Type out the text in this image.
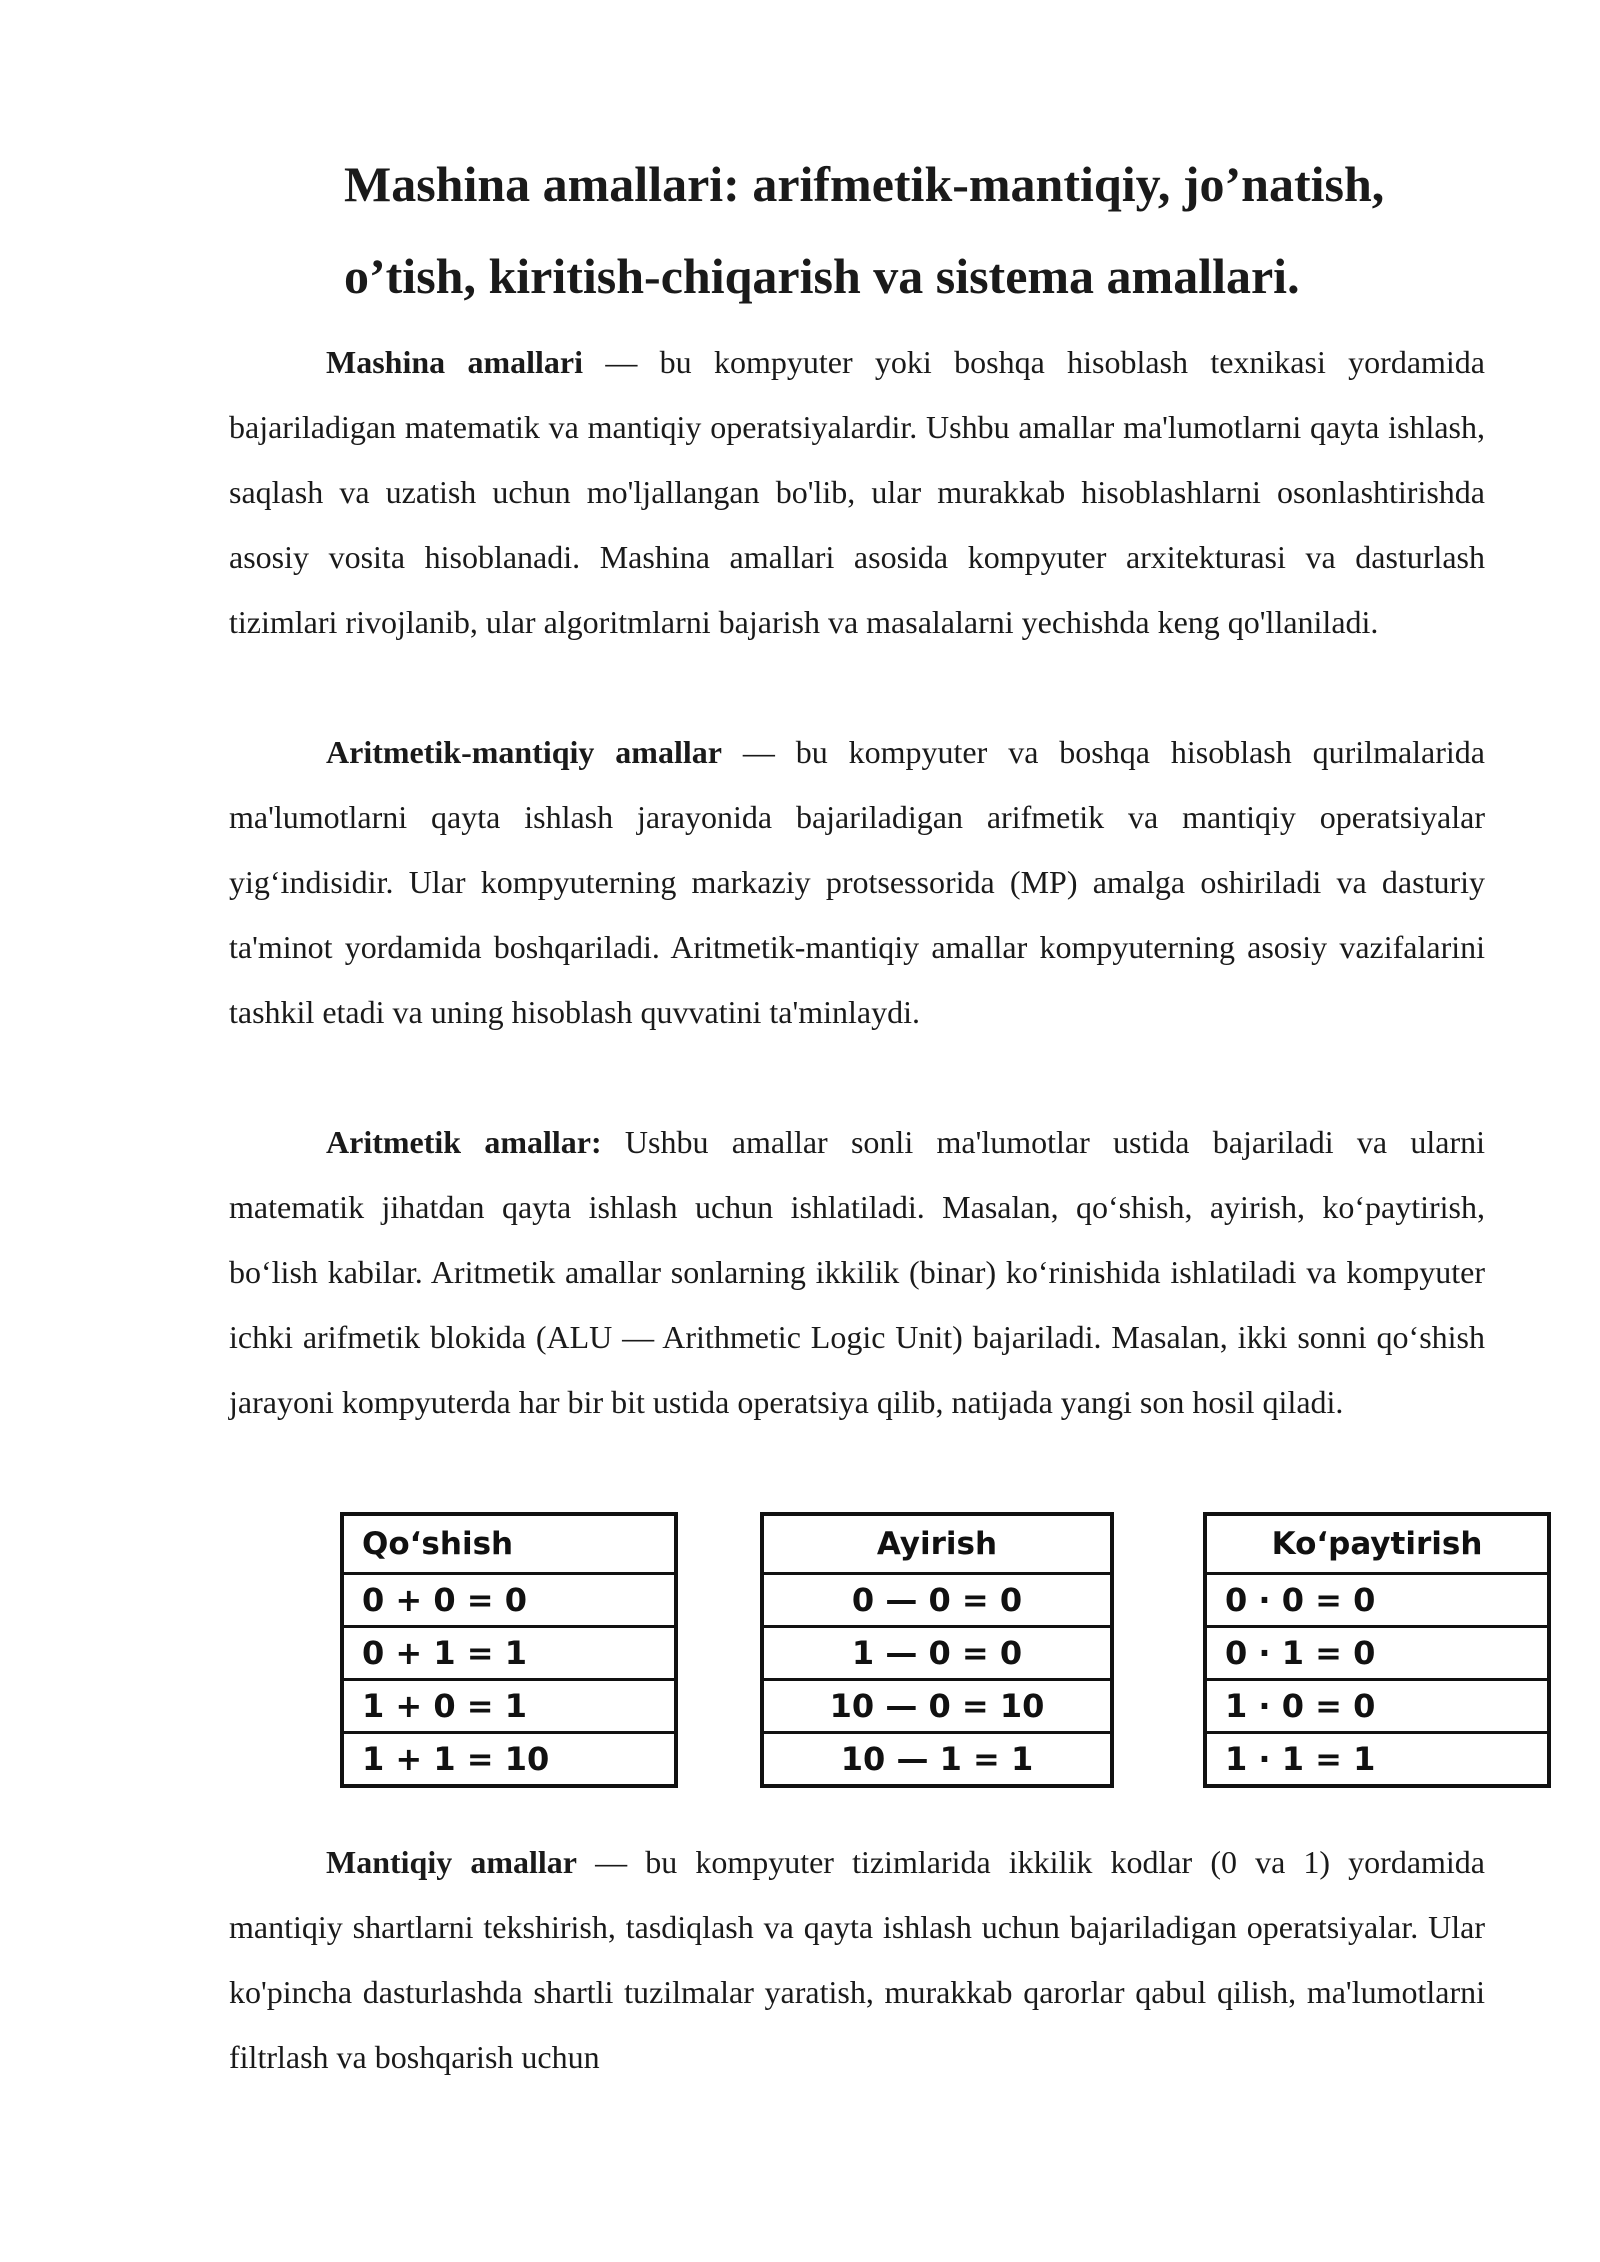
Mashina amallari: arifmetik-mantiqiy, jo’natish,
o’tish, kiritish-chiqarish va sistema amallari.

Mashina amallari — bu kompyuter yoki boshqa hisoblash texnikasi yordamida bajariladigan matematik va mantiqiy operatsiyalardir. Ushbu amallar ma'lumotlarni qayta ishlash, saqlash va uzatish uchun mo'ljallangan bo'lib, ular murakkab hisoblashlarni osonlashtirishda asosiy vosita hisoblanadi. Mashina amallari asosida kompyuter arxitekturasi va dasturlash tizimlari rivojlanib, ular algoritmlarni bajarish va masalalarni yechishda keng qo'llaniladi.

Aritmetik-mantiqiy amallar — bu kompyuter va boshqa hisoblash qurilmalarida ma'lumotlarni qayta ishlash jarayonida bajariladigan arifmetik va mantiqiy operatsiyalar yig‘indisidir. Ular kompyuterning markaziy protsessorida (MP) amalga oshiriladi va dasturiy ta'minot yordamida boshqariladi. Aritmetik-mantiqiy amallar kompyuterning asosiy vazifalarini tashkil etadi va uning hisoblash quvvatini ta'minlaydi.

Aritmetik amallar: Ushbu amallar sonli ma'lumotlar ustida bajariladi va ularni matematik jihatdan qayta ishlash uchun ishlatiladi. Masalan, qo‘shish, ayirish, ko‘paytirish, bo‘lish kabilar. Aritmetik amallar sonlarning ikkilik (binar) ko‘rinishida ishlatiladi va kompyuter ichki arifmetik blokida (ALU — Arithmetic Logic Unit) bajariladi. Masalan, ikki sonni qo‘shish jarayoni kompyuterda har bir bit ustida operatsiya qilib, natijada yangi son hosil qiladi.

Qo‘shish
0 + 0 = 0
0 + 1 = 1
1 + 0 = 1
1 + 1 = 10
Ayirish
0 — 0 = 0
1 — 0 = 0
10 — 0 = 10
10 — 1 = 1
Ko‘paytirish
0 · 0 = 0
0 · 1 = 0
1 · 0 = 0
1 · 1 = 1

Mantiqiy amallar — bu kompyuter tizimlarida ikkilik kodlar (0 va 1) yordamida mantiqiy shartlarni tekshirish, tasdiqlash va qayta ishlash uchun bajariladigan operatsiyalar. Ular ko'pincha dasturlashda shartli tuzilmalar yaratish, murakkab qarorlar qabul qilish, ma'lumotlarni filtrlash va boshqarish uchun
